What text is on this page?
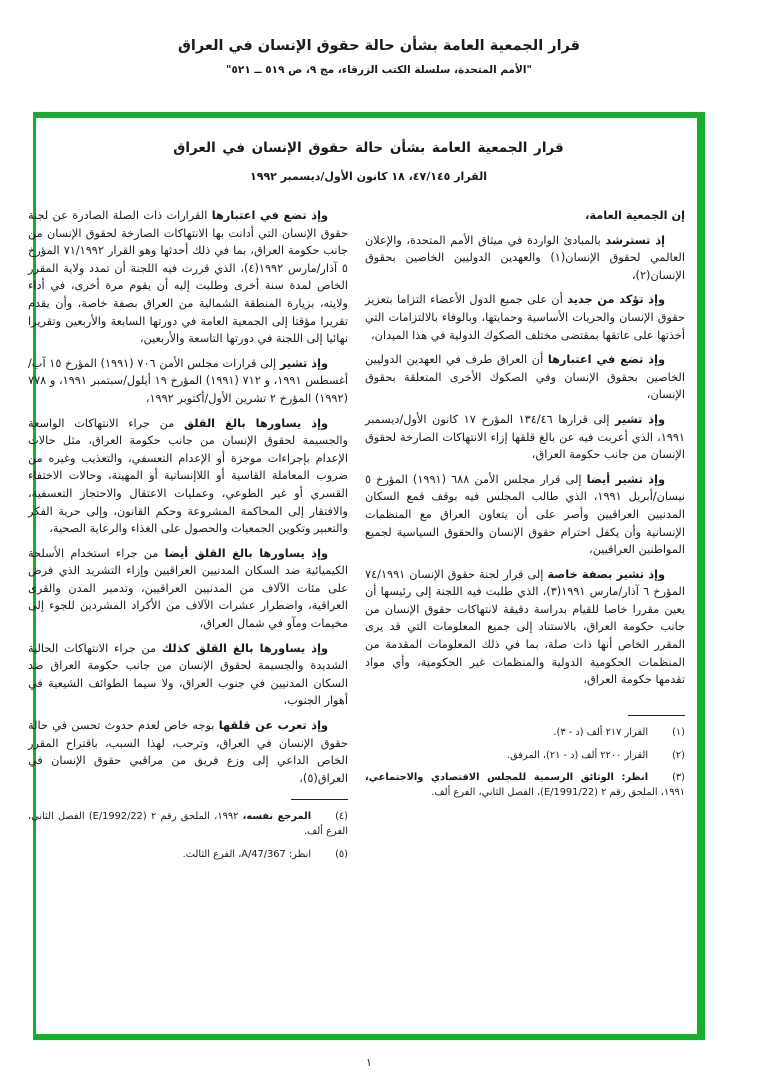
قرار الجمعية العامة بشأن حالة حقوق الإنسان في العراق
"الأمم المتحدة، سلسلة الكتب الزرقاء، مج ٩، ص ٥١٩ ــ ٥٢١"
قرار الجمعية العامة بشأن حالة حقوق الإنسان في العراق
القرار ٤٧/١٤٥، ١٨ كانون الأول/ديسمبر ١٩٩٢

إن الجمعية العامة،

إذ تسترشد بالمبادئ الواردة في ميثاق الأمم المتحدة، والإعلان العالمي لحقوق الإنسان(١) والعهدين الدوليين الخاصين بحقوق الإنسان(٢)،

وإذ تؤكد من جديد أن على جميع الدول الأعضاء التزاما بتعزيز حقوق الإنسان والحريات الأساسية وحمايتها، وبالوفاء بالالتزامات التي أخذتها على عاتقها بمقتضى مختلف الصكوك الدولية في هذا الميدان،

وإذ تضع في اعتبارها أن العراق طرف في العهدين الدوليين الخاصين بحقوق الإنسان وفي الصكوك الأخرى المتعلقة بحقوق الإنسان،

وإذ تشير إلى قرارها ١٣٤/٤٦ المؤرخ ١٧ كانون الأول/ديسمبر ١٩٩١، الذي أعربت فيه عن بالغ قلقها إزاء الانتهاكات الصارخة لحقوق الإنسان من جانب حكومة العراق،

وإذ تشير أيضا إلى قرار مجلس الأمن ٦٨٨ (١٩٩١) المؤرخ ٥ نيسان/أبريل ١٩٩١، الذي طالب المجلس فيه بوقف قمع السكان المدنيين العراقيين وأصر على أن يتعاون العراق مع المنظمات الإنسانية وأن يكفل احترام حقوق الإنسان والحقوق السياسية لجميع المواطنين العراقيين،

وإذ تشير بصفة خاصة إلى قرار لجنة حقوق الإنسان ٧٤/١٩٩١ المؤرخ ٦ آذار/مارس ١٩٩١(٣)، الذي طلبت فيه اللجنة إلى رئيسها أن يعين مقررا خاصا للقيام بدراسة دقيقة لانتهاكات حقوق الإنسان من جانب حكومة العراق، بالاستناد إلى جميع المعلومات التي قد يرى المقرر الخاص أنها ذات صلة، بما في ذلك المعلومات المقدمة من المنظمات الحكومية الدولية والمنظمات غير الحكومية، وأي مواد تقدمها حكومة العراق،

(١)القرار ٢١٧ ألف (د - ٣).
(٢)القرار ٢٢٠٠ ألف (د - ٢١)، المرفق.
(٣)انظر: الوثائق الرسمية للمجلس الاقتصادي والاجتماعي، ١٩٩١، الملحق رقم ٢ (E/1991/22)، الفصل الثاني، الفرع ألف.

وإذ تضع في اعتبارها القرارات ذات الصلة الصادرة عن لجنة حقوق الإنسان التي أدانت بها الانتهاكات الصارخة لحقوق الإنسان من جانب حكومة العراق، بما في ذلك أحدثها وهو القرار ٧١/١٩٩٢ المؤرخ ٥ آذار/مارس ١٩٩٢(٤)، الذي قررت فيه اللجنة أن تمدد ولاية المقرر الخاص لمدة سنة أخرى وطلبت إليه أن يقوم مرة أخرى، في أداء ولايته، بزيارة المنطقة الشمالية من العراق بصفة خاصة، وأن يقدم تقريرا مؤقتا إلى الجمعية العامة في دورتها السابعة والأربعين وتقريرا نهائيا إلى اللجنة في دورتها التاسعة والأربعين،

وإذ تشير إلى قرارات مجلس الأمن ٧٠٦ (١٩٩١) المؤرخ ١٥ آب/أغسطس ١٩٩١، و ٧١٢ (١٩٩١) المؤرخ ١٩ أيلول/سبتمبر ١٩٩١، و ٧٧٨ (١٩٩٢) المؤرخ ٢ تشرين الأول/أكتوبر ١٩٩٢،

وإذ يساورها بالغ القلق من جراء الانتهاكات الواسعة والجسيمة لحقوق الإنسان من جانب حكومة العراق، مثل حالات الإعدام بإجراءات موجزة أو الإعدام التعسفي، والتعذيب وغيره من ضروب المعاملة القاسية أو اللاإنسانية أو المهينة، وحالات الاختفاء القسري أو غير الطوعي، وعمليات الاعتقال والاحتجاز التعسفية، والافتقار إلى المحاكمة المشروعة وحكم القانون، وإلى حرية الفكر والتعبير وتكوين الجمعيات والحصول على الغذاء والرعاية الصحية،

وإذ يساورها بالغ القلق أيضا من جراء استخدام الأسلحة الكيميائية ضد السكان المدنيين العراقيين وإزاء التشريد الذي فرض على مئات الآلاف من المدنيين العراقيين، وتدمير المدن والقرى العراقية، واضطرار عشرات الآلاف من الأكراد المشردين للجوء إلى مخيمات ومآو في شمال العراق،

وإذ يساورها بالغ القلق كذلك من جراء الانتهاكات الحالية الشديدة والجسيمة لحقوق الإنسان من جانب حكومة العراق ضد السكان المدنيين في جنوب العراق، ولا سيما الطوائف الشيعية في أهوار الجنوب،

وإذ تعرب عن قلقها بوجه خاص لعدم حدوث تحسن في حالة حقوق الإنسان في العراق، وترحب، لهذا السبب، باقتراح المقرر الخاص الداعي إلى وزع فريق من مراقبي حقوق الإنسان في العراق(٥)،

(٤)المرجع نفسه، ١٩٩٢، الملحق رقم ٢ (E/1992/22) الفصل الثاني، الفرع ألف.
(٥)انظر: A/47/367، الفرع الثالث.
١
